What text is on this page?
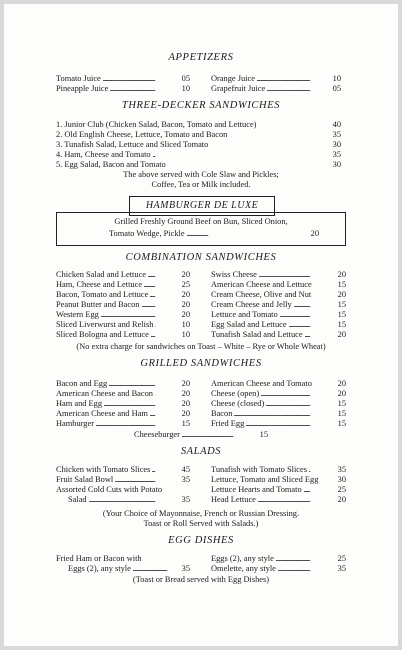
APPETIZERS
. . .
Tomato Juice	05 . . .	Orange Juice	10
. . .
Pineapple Juice	10 . . .	Grapefruit Juice	05
THREE-DECKER SANDWICHES
. . .
1. Junior Club (Chicken Salad, Bacon, Tomato and Lettuce)	40
. . .
2. Old English Cheese, Lettuce, Tomato and Bacon	35
. . .
3. Tunafish Salad, Lettuce and Sliced Tomato	30
. . .
4. Ham, Cheese and Tomato	35
. . .
5. Egg Salad, Bacon and Tomato	30
The above served with Cole Slaw and Pickles;
Coffee, Tea or Milk included.
HAMBURGER DE LUXE
Grilled Freshly Ground Beef on Bun, Sliced Onion,
. . .
Tomato Wedge, Pickle	20
COMBINATION SANDWICHES
. . .
Chicken Salad and Lettuce	20
. . .
Ham, Cheese and Lettuce	25
. . .
Bacon, Tomato and Lettuce	20
. . .
Peanut Butter and Bacon	20
. . .
Western Egg	20
. . .
Sliced Liverwurst and Relish	10
. . .
Sliced Bologna and Lettuce	10
. . .
Swiss Cheese	20
. . .
American Cheese and Lettuce	15
. . .
Cream Cheese, Olive and Nut	20
. . .
Cream Cheese and Jelly	15
. . .
Lettuce and Tomato	15
. . .
Egg Salad and Lettuce	15
. . .
Tunafish Salad and Lettuce	20
(No extra charge for sandwiches on Toast – White – Rye or Whole Wheat)
GRILLED SANDWICHES
. . .
Bacon and Egg	20
. . .
American Cheese and Bacon	20
. . .
Ham and Egg	20
. . .
American Cheese and Ham	20
. . .
Hamburger	15
. . .
American Cheese and Tomato	20
. . .
Cheese (open)	20
. . .
Cheese (closed)	15
. . .
Bacon	15
. . .
Fried Egg	15
. . .
Cheeseburger	15
SALADS
. . .
Chicken with Tomato Slices	45
. . .
Fruit Salad Bowl	35
Assorted Cold Cuts with Potato
. . .
Salad	35
. . .
Tunafish with Tomato Slices	35
. . .
Lettuce, Tomato and Sliced Egg 30
. . .
Lettuce Hearts and Tomato	25
. . .
Head Lettuce	20
(Your Choice of Mayonnaise, French or Russian Dressing.
Toast or Roll Served with Salads.)
EGG DISHES
Fried Ham or Bacon with
. . .
Eggs (2), any style	35
. . .
Eggs (2), any style	25
. . .
Omelette, any style	35
(Toast or Bread served with Egg Dishes)
